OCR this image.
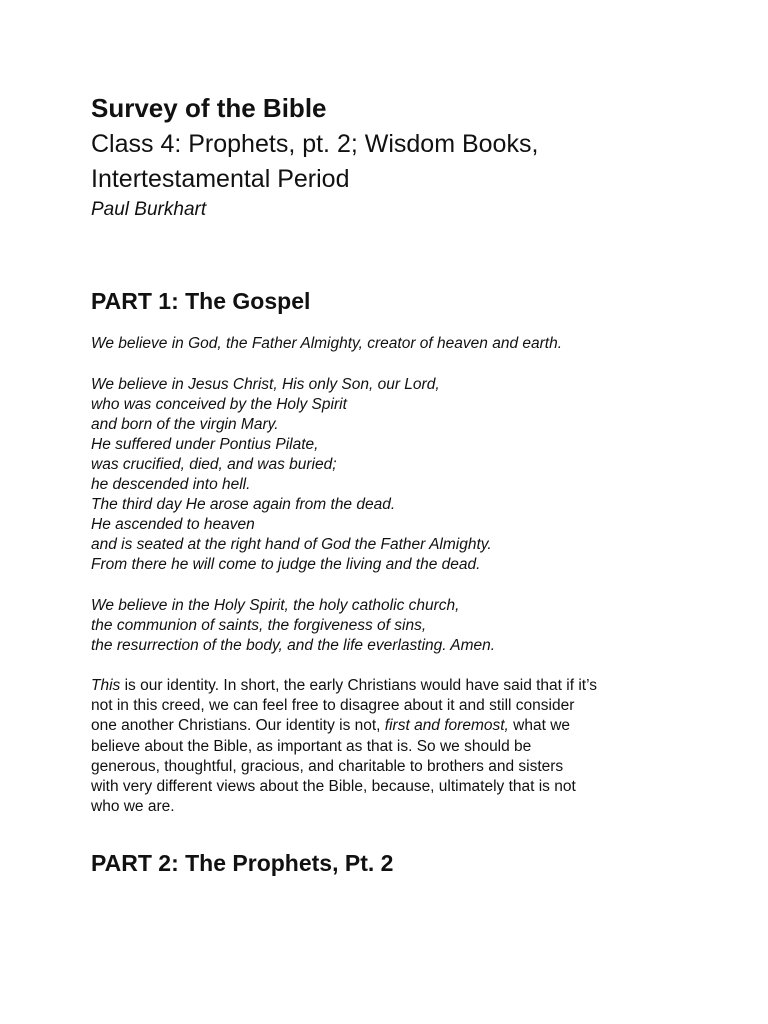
Survey of the Bible
Class 4: Prophets, pt. 2; Wisdom Books,
Intertestamental Period
Paul Burkhart
PART 1: The Gospel
We believe in God, the Father Almighty, creator of heaven and earth.
We believe in Jesus Christ, His only Son, our Lord,
who was conceived by the Holy Spirit
and born of the virgin Mary.
He suffered under Pontius Pilate,
was crucified, died, and was buried;
he descended into hell.
The third day He arose again from the dead.
He ascended to heaven
and is seated at the right hand of God the Father Almighty.
From there he will come to judge the living and the dead.
We believe in the Holy Spirit, the holy catholic church,
the communion of saints, the forgiveness of sins,
the resurrection of the body, and the life everlasting. Amen.
This is our identity. In short, the early Christians would have said that if it’s
not in this creed, we can feel free to disagree about it and still consider
one another Christians. Our identity is not, first and foremost, what we
believe about the Bible, as important as that is. So we should be
generous, thoughtful, gracious, and charitable to brothers and sisters
with very different views about the Bible, because, ultimately that is not
who we are.
PART 2: The Prophets, Pt. 2
